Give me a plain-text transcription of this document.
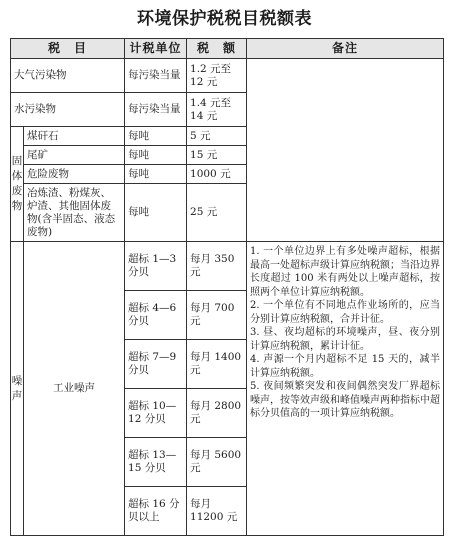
环境保护税税目税额表
税　目		计税单位	税　额	备注
大气污染物		每污染当量	1.2 元至 12 元	
水污染物		每污染当量	1.4 元至 14 元	
固体废物	煤矸石	每吨	5 元	
	尾矿	每吨	15 元	
	危险废物	每吨	1000 元	
	冶炼渣、粉煤灰、炉渣、其他固体废物(含半固态、液态废物)	每吨	25 元	
噪声	工业噪声	超标 1—3 分贝	每月 350 元	1. 一个单位边界上有多处噪声超标，根据最高一处超标声级计算应纳税额；当沿边界长度超过 100 米有两处以上噪声超标，按照两个单位计算应纳税额。
2. 一个单位有不同地点作业场所的，应当分别计算应纳税额，合并计征。
3. 昼、夜均超标的环境噪声，昼、夜分别计算应纳税额，累计计征。
4. 声源一个月内超标不足 15 天的，减半计算应纳税额。
5. 夜间频繁突发和夜间偶然突发厂界超标噪声，按等效声级和峰值噪声两种指标中超标分贝值高的一项计算应纳税额。

		超标 4—6 分贝	每月 700 元	
		超标 7—9 分贝	每月 1400 元	
		超标 10—12 分贝	每月 2800 元	
		超标 13—15 分贝	每月 5600 元	
		超标 16 分贝以上	每月 11200 元	
